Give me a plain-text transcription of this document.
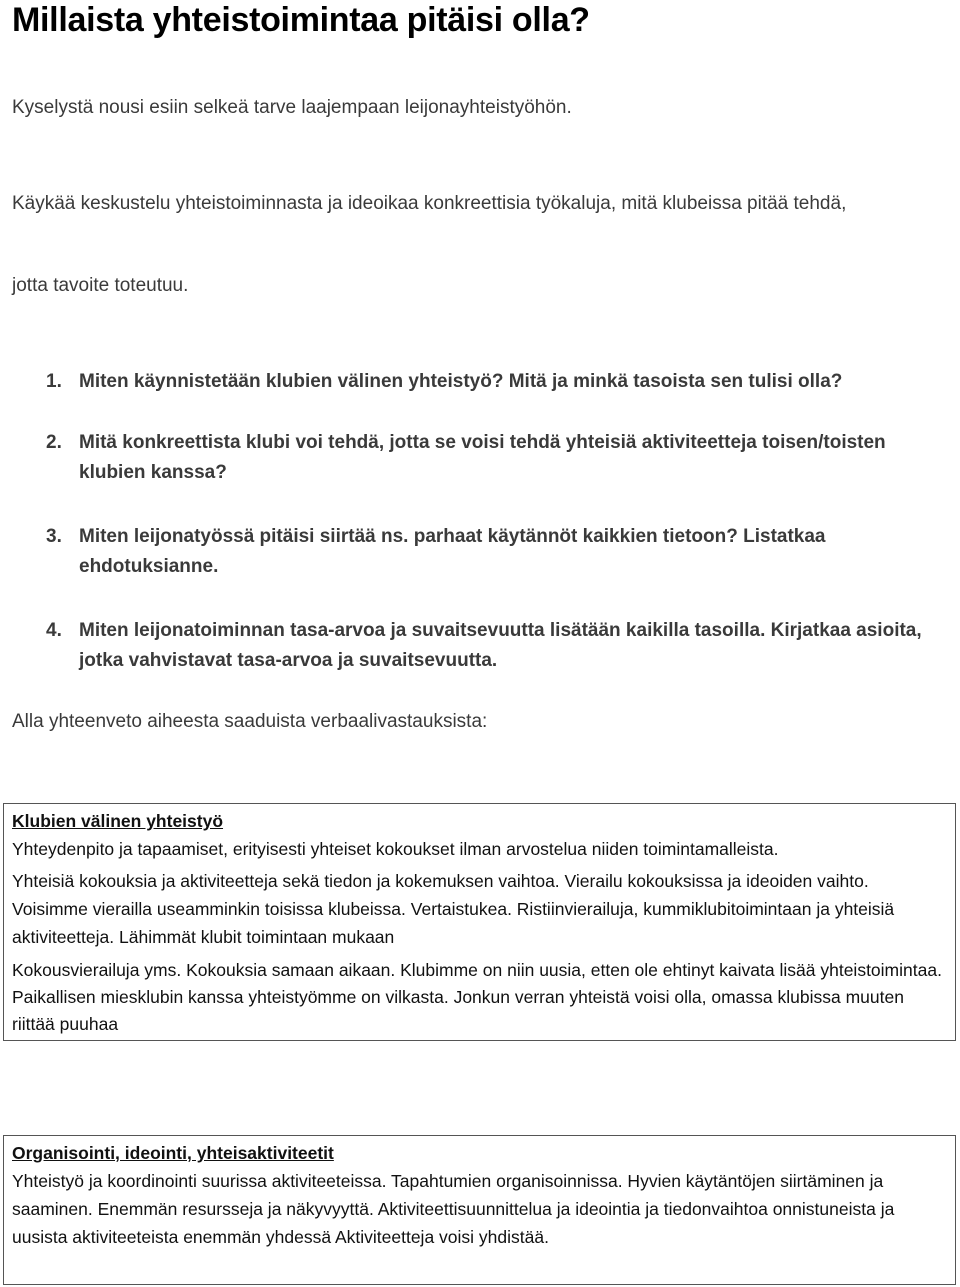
Millaista yhteistoimintaa pitäisi olla?

Kyselystä nousi esiin selkeä tarve laajempaan leijonayhteistyöhön.

Käykää keskustelu yhteistoiminnasta ja ideoikaa konkreettisia työkaluja, mitä klubeissa pitää tehdä,

jotta tavoite toteutuu.

1. Miten käynnistetään klubien välinen yhteistyö? Mitä ja minkä tasoista sen tulisi olla?
2. Mitä konkreettista klubi voi tehdä, jotta se voisi tehdä yhteisiä aktiviteetteja toisen/toisten klubien kanssa?
3. Miten leijonatyössä pitäisi siirtää ns. parhaat käytännöt kaikkien tietoon? Listatkaa ehdotuksianne.
4. Miten leijonatoiminnan tasa-arvoa ja suvaitsevuutta lisätään kaikilla tasoilla. Kirjatkaa asioita, jotka vahvistavat tasa-arvoa ja suvaitsevuutta.

Alla yhteenveto aiheesta saaduista verbaalivastauksista:

Klubien välinen yhteistyö

Yhteydenpito ja tapaamiset, erityisesti yhteiset kokoukset ilman arvostelua niiden toimintamalleista.

Yhteisiä kokouksia ja aktiviteetteja sekä tiedon ja kokemuksen vaihtoa. Vierailu kokouksissa ja ideoiden vaihto. Voisimme vierailla useamminkin toisissa klubeissa. Vertaistukea. Ristiinvierailuja, kummiklubitoimintaan ja yhteisiä aktiviteetteja. Lähimmät klubit toimintaan mukaan

Kokousvierailuja yms. Kokouksia samaan aikaan. Klubimme on niin uusia, etten ole ehtinyt kaivata lisää yhteistoimintaa. Paikallisen miesklubin kanssa yhteistyömme on vilkasta. Jonkun verran yhteistä voisi olla, omassa klubissa muuten riittää puuhaa

Organisointi, ideointi, yhteisaktiviteetit

Yhteistyö ja koordinointi suurissa aktiviteeteissa. Tapahtumien organisoinnissa. Hyvien käytäntöjen siirtäminen ja saaminen. Enemmän resursseja ja näkyvyyttä. Aktiviteettisuunnittelua ja ideointia ja tiedonvaihtoa onnistuneista ja uusista aktiviteeteista enemmän yhdessä Aktiviteetteja voisi yhdistää.
